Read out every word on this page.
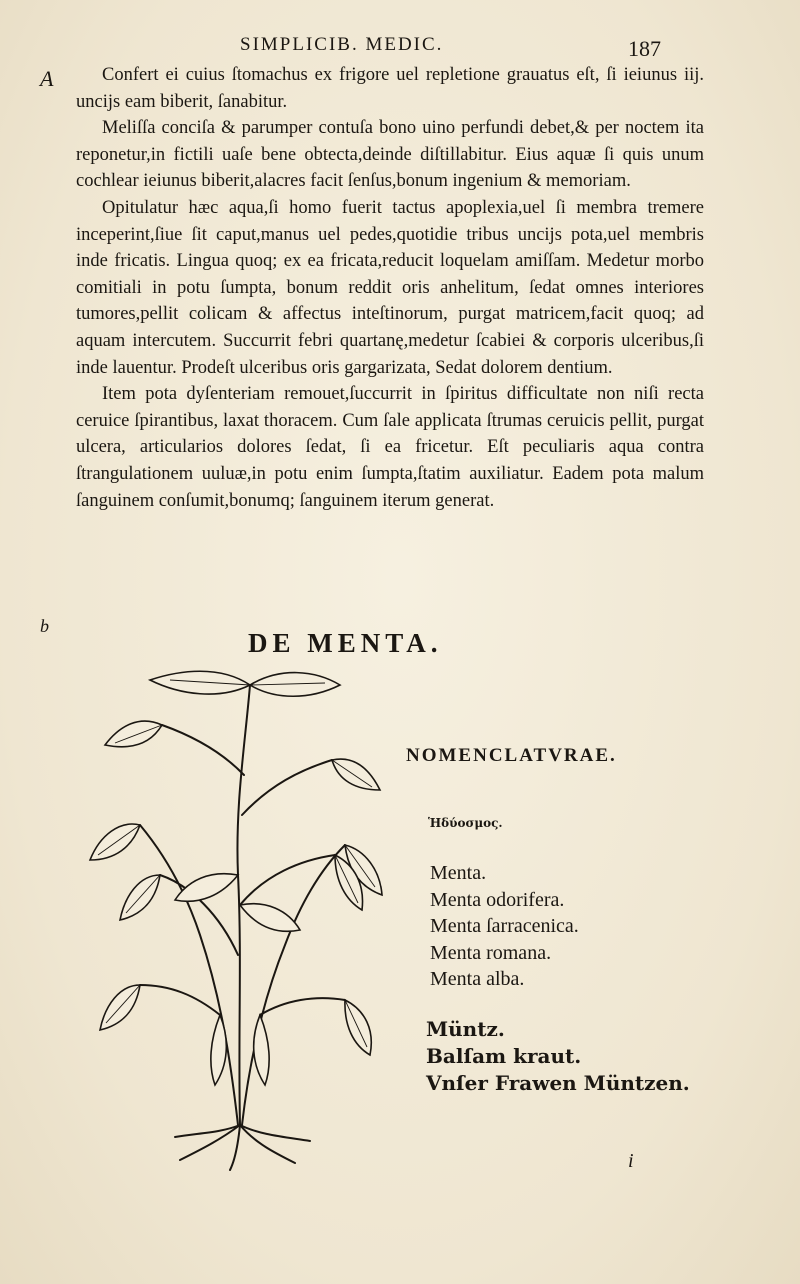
SIMPLICIB. MEDIC.	187
A
b

Confert ei cuius ſtomachus ex frigore uel repletione grauatus eſt, ſi ieiunus iij. uncijs eam biberit, ſanabitur.

Meliſſa conciſa & parumper contuſa bono uino perfundi debet,& per noctem ita reponetur,in fictili uaſe bene obtecta,deinde diſtillabitur. Eius aquæ ſi quis unum cochlear ieiunus biberit,alacres facit ſenſus,bonum ingenium & memoriam.

Opitulatur hæc aqua,ſi homo fuerit tactus apoplexia,uel ſi membra tremere inceperint,ſiue ſit caput,manus uel pedes,quotidie tribus uncijs pota,uel membris inde fricatis. Lingua quoq; ex ea fricata,reducit loquelam amiſſam. Medetur morbo comitiali in potu ſumpta, bonum reddit oris anhelitum, ſedat omnes interiores tumores,pellit colicam & affectus inteſtinorum, purgat matricem,facit quoq; ad aquam intercutem. Succurrit febri quartanę,medetur ſcabiei & corporis ulceribus,ſi inde lauentur. Prodeſt ulceribus oris gargarizata, Sedat dolorem dentium.

Item pota dyſenteriam remouet,ſuccurrit in ſpiritus difficultate non niſi recta ceruice ſpirantibus, laxat thoracem. Cum ſale applicata ſtrumas ceruicis pellit, purgat ulcera, articularios dolores ſedat, ſi ea fricetur. Eſt peculiaris aqua contra ſtrangulationem uuluæ,in potu enim ſumpta,ſtatim auxiliatur. Eadem pota malum ſanguinem conſumit,bonumq; ſanguinem iterum generat.

DE MENTA.
NOMENCLATVRAE.
Ἡδύοσμος.
Menta.
Menta odorifera.
Menta ſarracenica.
Menta romana.
Menta alba.
Müntz.
Balſam kraut.
Vnſer Frawen Müntzen.
i
